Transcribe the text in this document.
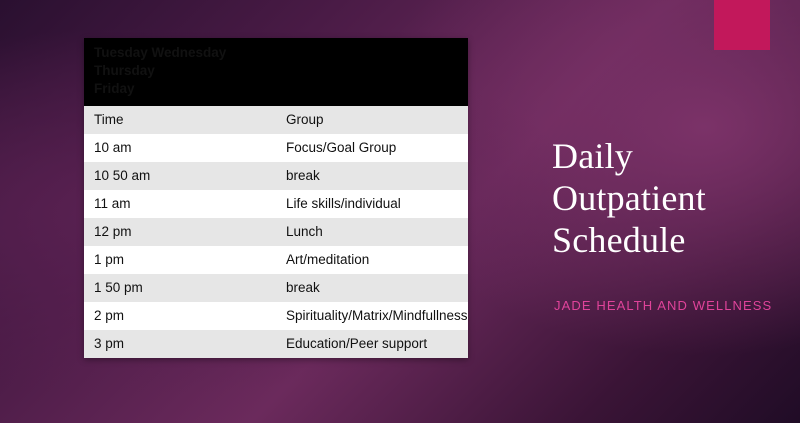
Tuesday Wednesday
Thursday
Friday	

Time	Group
10 am	Focus/Goal Group
10 50 am	break
11 am	Life skills/individual
12 pm	Lunch
1 pm	Art/meditation
1 50 pm	break
2 pm	Spirituality/Matrix/Mindfullness
3 pm	Education/Peer support
Daily
Outpatient
Schedule
JADE HEALTH AND WELLNESS
